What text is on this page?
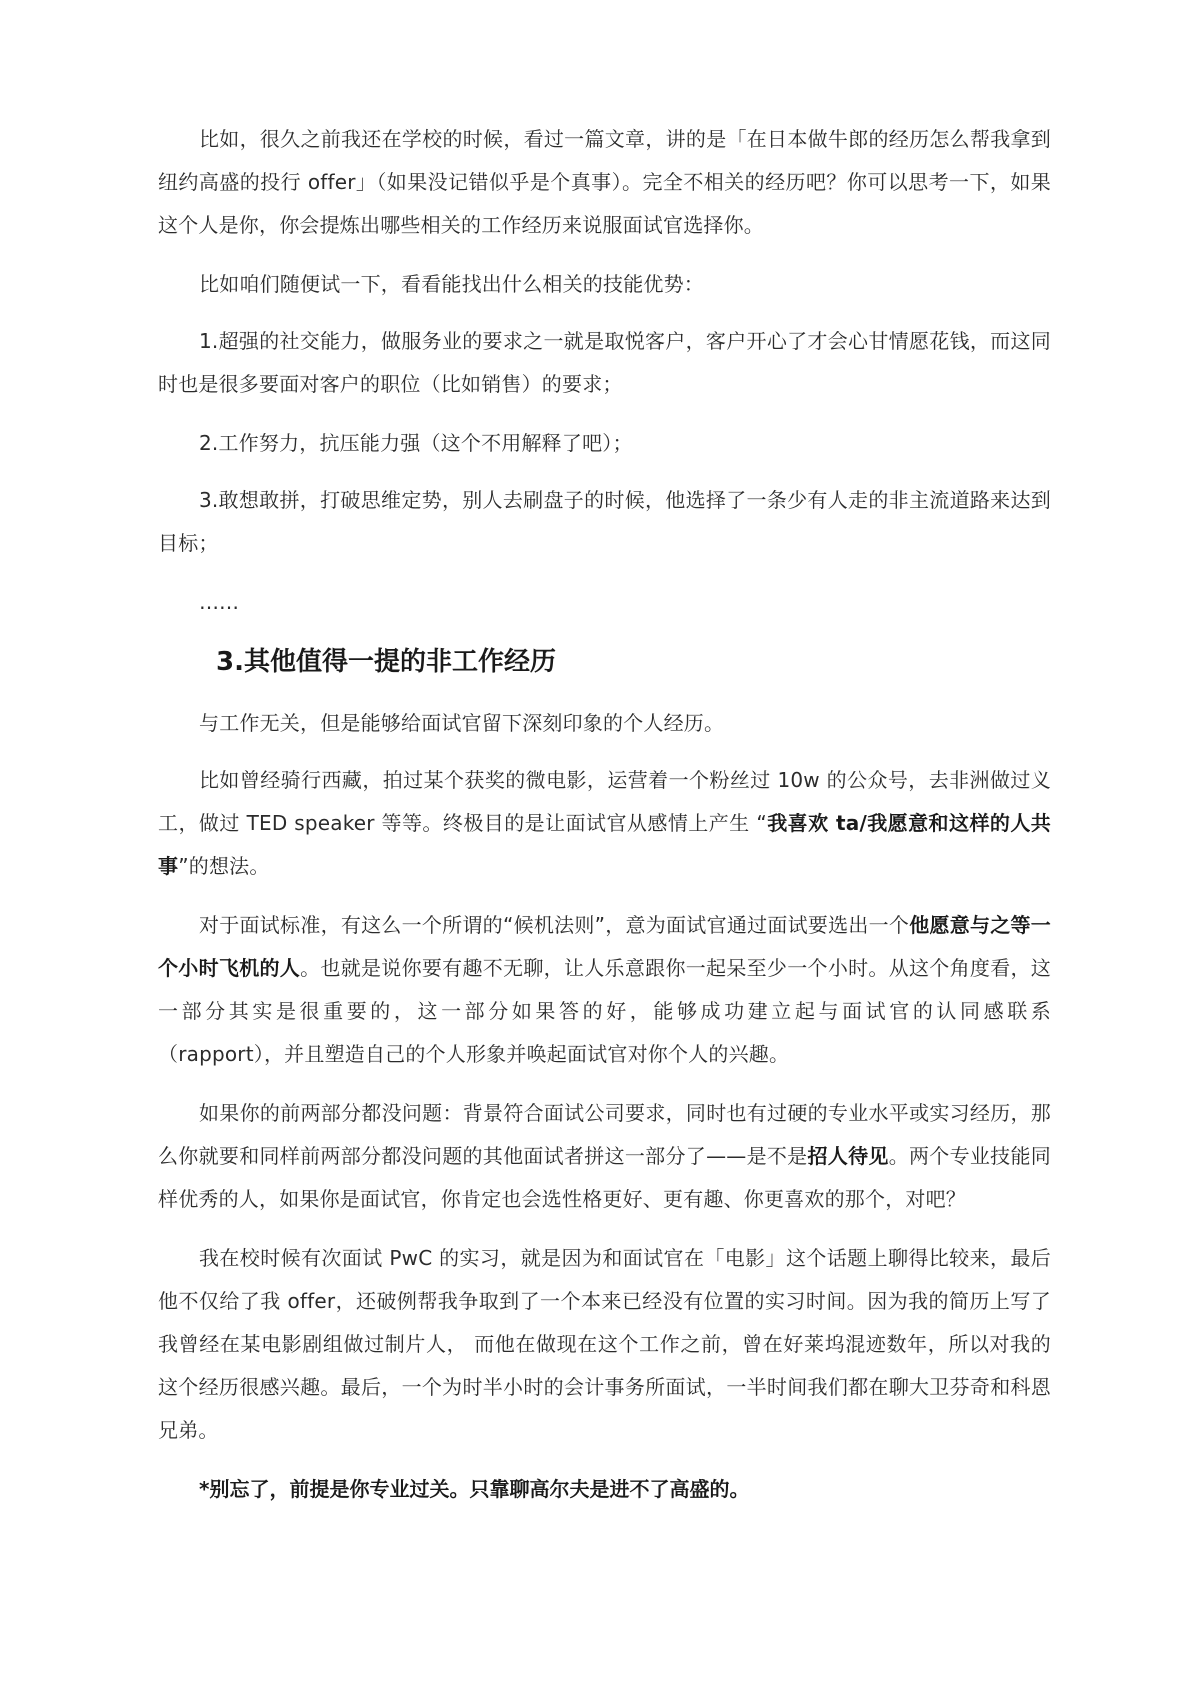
比如，很久之前我还在学校的时候，看过一篇文章，讲的是「在日本做牛郎的经历怎么帮我拿到纽约高盛的投行 offer」（如果没记错似乎是个真事）。完全不相关的经历吧？你可以思考一下，如果这个人是你，你会提炼出哪些相关的工作经历来说服面试官选择你。

比如咱们随便试一下，看看能找出什么相关的技能优势：

1.超强的社交能力，做服务业的要求之一就是取悦客户，客户开心了才会心甘情愿花钱，而这同时也是很多要面对客户的职位（比如销售）的要求；

2.工作努力，抗压能力强（这个不用解释了吧）；

3.敢想敢拼，打破思维定势，别人去刷盘子的时候，他选择了一条少有人走的非主流道路来达到目标；

……

3.其他值得一提的非工作经历

与工作无关，但是能够给面试官留下深刻印象的个人经历。

比如曾经骑行西藏，拍过某个获奖的微电影，运营着一个粉丝过 10w 的公众号，去非洲做过义工，做过 TED speaker 等等。终极目的是让面试官从感情上产生 “我喜欢 ta/我愿意和这样的人共事”的想法。

对于面试标准，有这么一个所谓的“候机法则”，意为面试官通过面试要选出一个他愿意与之等一个小时飞机的人。也就是说你要有趣不无聊，让人乐意跟你一起呆至少一个小时。从这个角度看，这一部分其实是很重要的，这一部分如果答的好，能够成功建立起与面试官的认同感联系（rapport），并且塑造自己的个人形象并唤起面试官对你个人的兴趣。

如果你的前两部分都没问题：背景符合面试公司要求，同时也有过硬的专业水平或实习经历，那么你就要和同样前两部分都没问题的其他面试者拼这一部分了——是不是招人待见。两个专业技能同样优秀的人，如果你是面试官，你肯定也会选性格更好、更有趣、你更喜欢的那个，对吧？

我在校时候有次面试 PwC 的实习，就是因为和面试官在「电影」这个话题上聊得比较来，最后他不仅给了我 offer，还破例帮我争取到了一个本来已经没有位置的实习时间。因为我的简历上写了我曾经在某电影剧组做过制片人， 而他在做现在这个工作之前，曾在好莱坞混迹数年，所以对我的这个经历很感兴趣。最后，一个为时半小时的会计事务所面试，一半时间我们都在聊大卫芬奇和科恩兄弟。

*别忘了，前提是你专业过关。只靠聊高尔夫是进不了高盛的。
